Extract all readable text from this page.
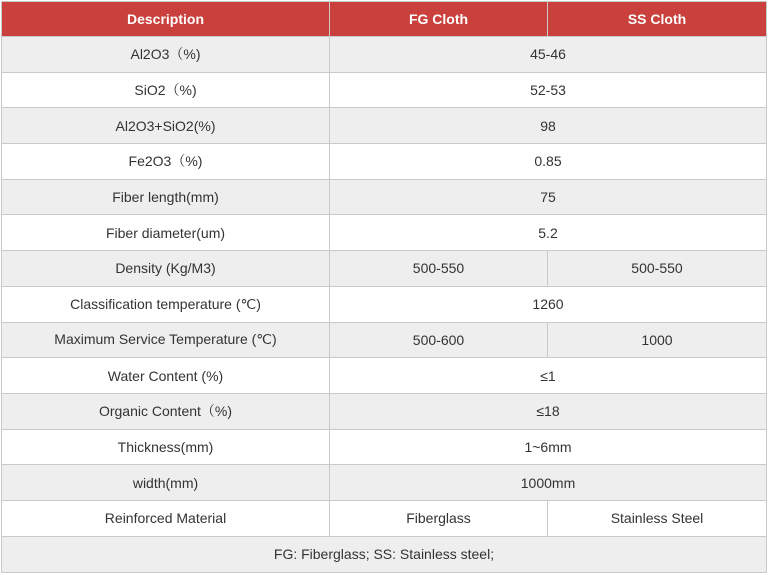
Description	FG Cloth	SS Cloth
Al2O3（%)	45-46	
SiO2（%)	52-53	
Al2O3+SiO2(%)	98	
Fe2O3（%)	0.85	
Fiber length(mm)	75	
Fiber diameter(um)	5.2	
Density (Kg/M3)	500-550	500-550
Classification temperature (℃)	1260	
Maximum Service Temperature (℃)	500-600	1000
Water Content (%)	≤1	
Organic Content（%)	≤18	
Thickness(mm)	1~6mm	
width(mm)	1000mm	
Reinforced Material	Fiberglass	Stainless Steel
FG: Fiberglass; SS: Stainless steel;		
